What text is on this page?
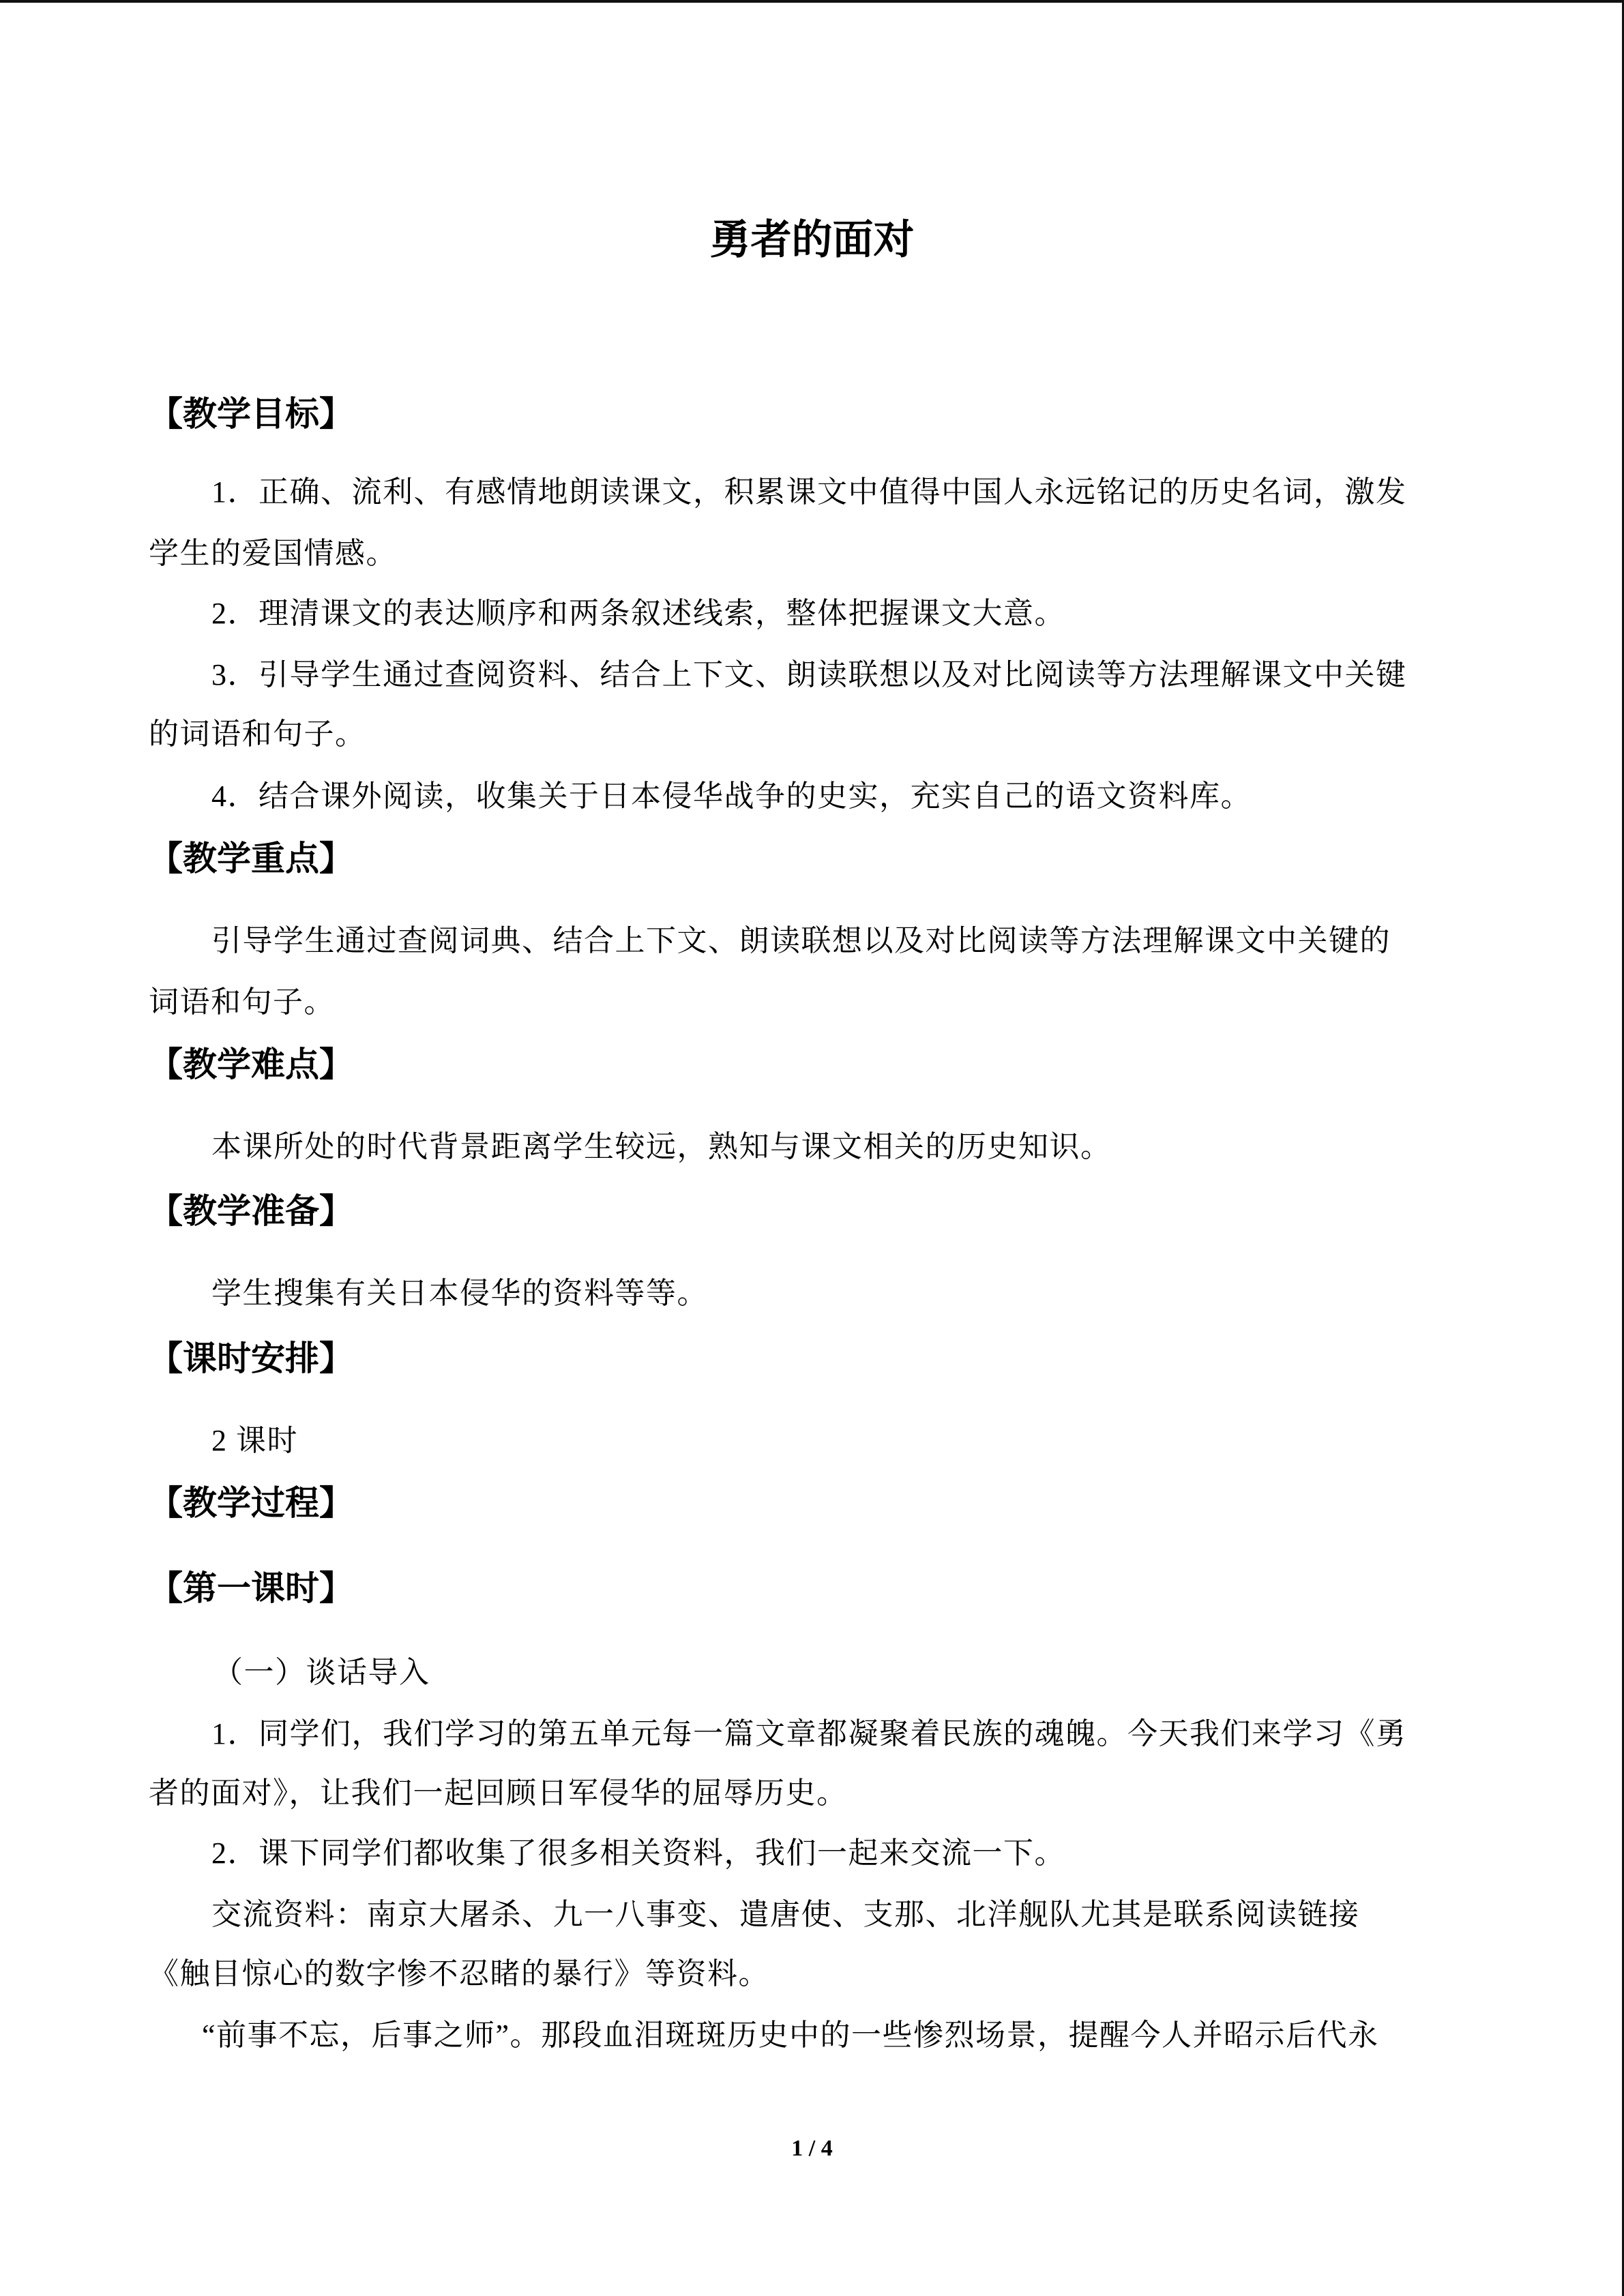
勇者的面对
【教学目标】
1．正确、流利、有感情地朗读课文，积累课文中值得中国人永远铭记的历史名词，激发
学生的爱国情感。
2．理清课文的表达顺序和两条叙述线索，整体把握课文大意。
3．引导学生通过查阅资料、结合上下文、朗读联想以及对比阅读等方法理解课文中关键
的词语和句子。
4．结合课外阅读，收集关于日本侵华战争的史实，充实自己的语文资料库。
【教学重点】
引导学生通过查阅词典、结合上下文、朗读联想以及对比阅读等方法理解课文中关键的
词语和句子。
【教学难点】
本课所处的时代背景距离学生较远，熟知与课文相关的历史知识。
【教学准备】
学生搜集有关日本侵华的资料等等。
【课时安排】
2 课时
【教学过程】
【第一课时】
（一）谈话导入
1．同学们，我们学习的第五单元每一篇文章都凝聚着民族的魂魄。今天我们来学习《勇
者的面对》，让我们一起回顾日军侵华的屈辱历史。
2．课下同学们都收集了很多相关资料，我们一起来交流一下。
交流资料：南京大屠杀、九一八事变、遣唐使、支那、北洋舰队尤其是联系阅读链接
《触目惊心的数字惨不忍睹的暴行》等资料。
“前事不忘，后事之师”。那段血泪斑斑历史中的一些惨烈场景，提醒今人并昭示后代永
1 / 4
